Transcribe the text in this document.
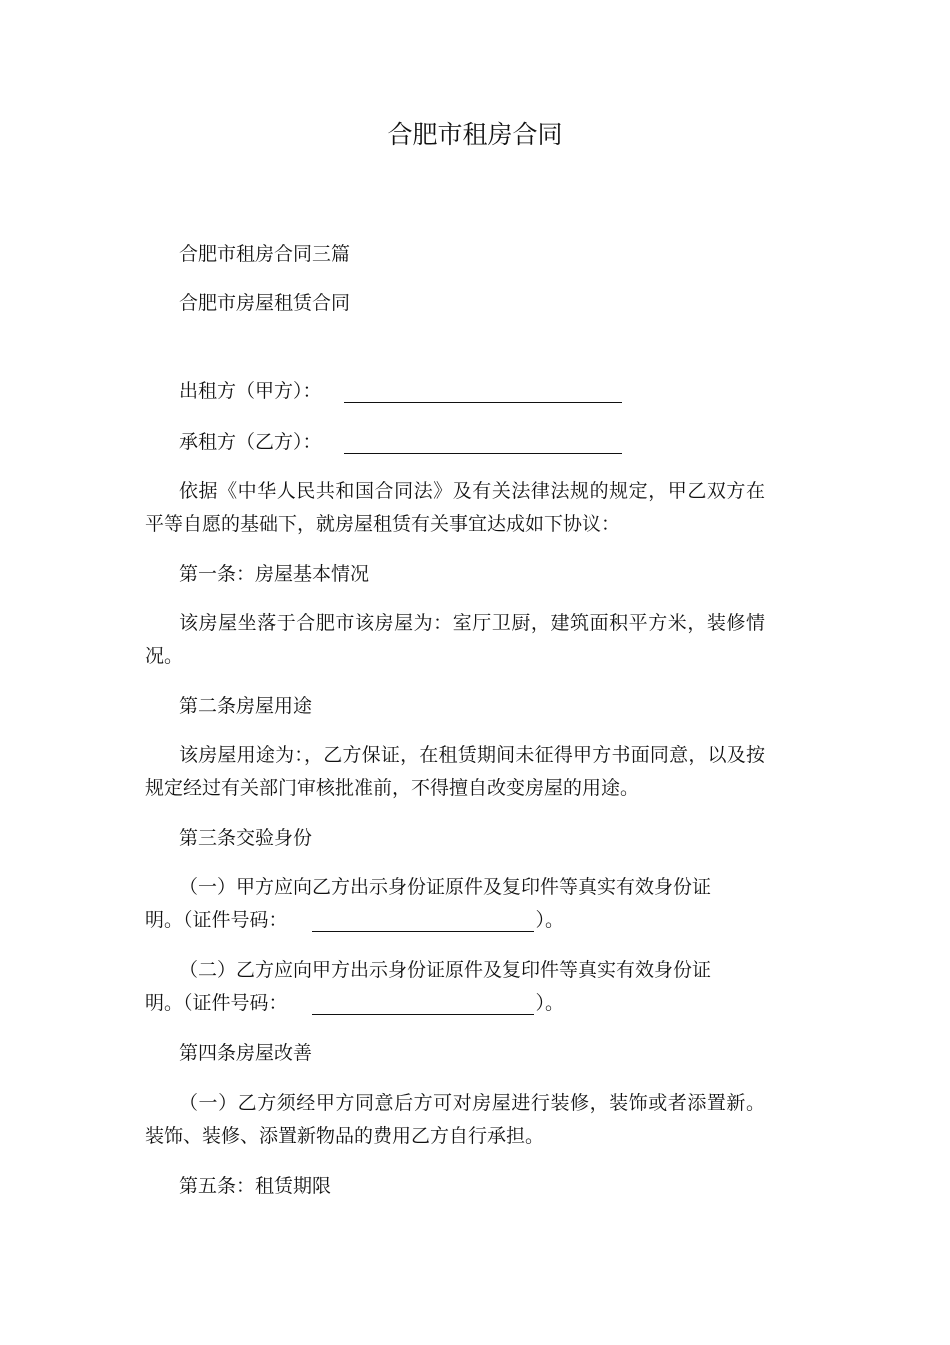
合肥市租房合同

合肥市租房合同三篇

合肥市房屋租赁合同

出租方（甲方）：

承租方（乙方）：

依据《中华人民共和国合同法》及有关法律法规的规定，甲乙双方在平等自愿的基础下，就房屋租赁有关事宜达成如下协议：

第一条：房屋基本情况

该房屋坐落于合肥市该房屋为：室厅卫厨，建筑面积平方米，装修情况。

第二条房屋用途

该房屋用途为：，乙方保证，在租赁期间未征得甲方书面同意，以及按规定经过有关部门审核批准前，不得擅自改变房屋的用途。

第三条交验身份

（一）甲方应向乙方出示身份证原件及复印件等真实有效身份证

明。（证件号码：	）。

（二）乙方应向甲方出示身份证原件及复印件等真实有效身份证

明。（证件号码：	）。

第四条房屋改善

（一）乙方须经甲方同意后方可对房屋进行装修，装饰或者添置新。装饰、装修、添置新物品的费用乙方自行承担。

第五条：租赁期限
